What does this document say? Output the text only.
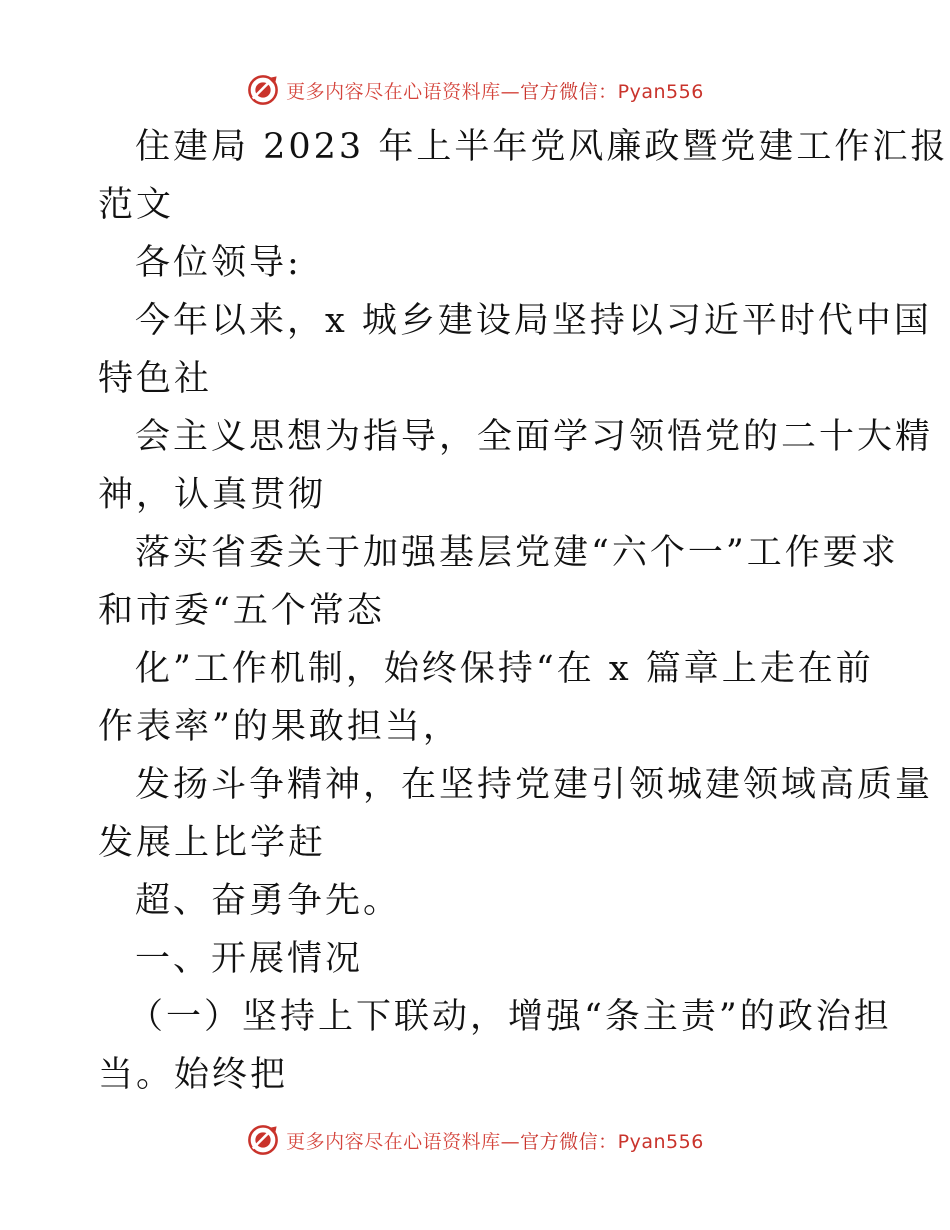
更多内容尽在心语资料库—官方微信：Pyan556
住建局 2023 年上半年党风廉政暨党建工作汇报
范文
各位领导:
今年以来，x 城乡建设局坚持以习近平时代中国
特色社
会主义思想为指导，全面学习领悟党的二十大精
神，认真贯彻
落实省委关于加强基层党建“六个一”工作要求
和市委“五个常态
化”工作机制，始终保持“在 x 篇章上走在前
作表率”的果敢担当，
发扬斗争精神，在坚持党建引领城建领域高质量
发展上比学赶
超、奋勇争先。
一、开展情况
（一）坚持上下联动，增强“条主责”的政治担
当。始终把
更多内容尽在心语资料库—官方微信：Pyan556
